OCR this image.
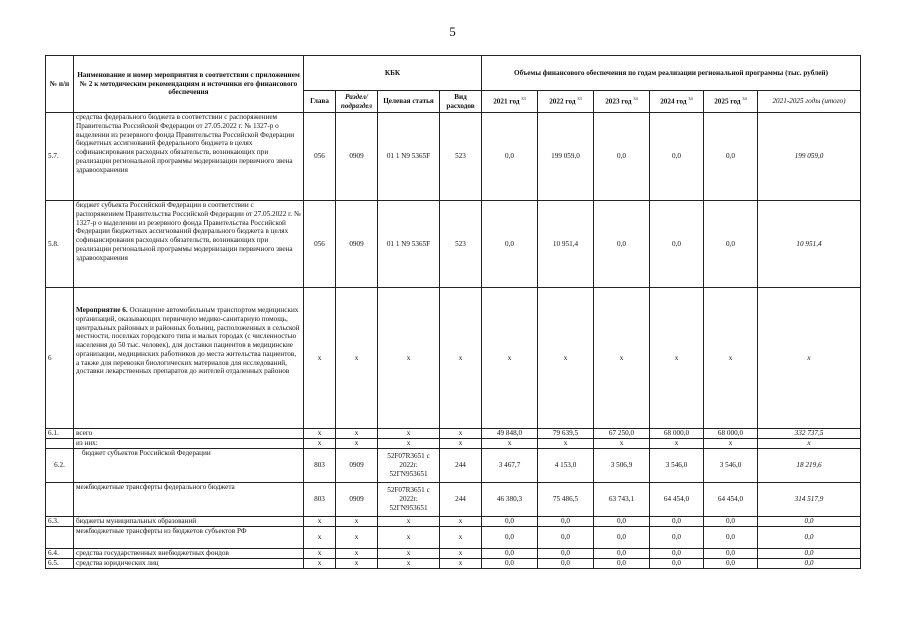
5
№ п/п	Наименование и номер мероприятия в соответствии с приложением № 2 к методическим рекомендациям и источники его финансового обеспечения	КБК				Объемы финансового обеспечения по годам реализации региональной программы (тыс. рублей)					
		Глава	Раздел/ подраздел	Целевая статья	Вид расходов	2021 год $^{33}$	2022 год $^{33}$	2023 год $^{34}$	2024 год $^{34}$	2025 год $^{34}$	2021-2025 годы (итого)
5.7.	средства федерального бюджета в соответствии с распоряжением Правительства Российской Федерации от 27.05.2022 г. № 1327-р о выделении из резервного фонда Правительства Российской Федерации бюджетных ассигнований федерального бюджета в целях софинансирования расходных обязательств, возникающих при реализации региональной программы модернизации первичного звена здравоохранения	056	0909	01 1 N9 5365F	523	0,0	199 059,0	0,0	0,0	0,0	199 059,0
5.8.	бюджет субъекта Российской Федерации в соответствии с распоряжением Правительства Российской Федерации от 27.05.2022 г. № 1327-р о выделении из резервного фонда Правительства Российской Федерации бюджетных ассигнований федерального бюджета в целях софинансирования расходных обязательств, возникающих при реализации региональной программы модернизации первичного звена здравоохранения	056	0909	01 1 N9 5365F	523	0,0	10 951,4	0,0	0,0	0,0	10 951,4
6	Мероприятие 6. Оснащение автомобильным транспортом медицинских организаций, оказывающих первичную медико-санитарную помощь, центральных районных и районных больниц, расположенных в сельской местности, поселках городского типа и малых городах (с численностью населения до 50 тыс. человек), для доставки пациентов в медицинские организации, медицинских работников до места жительства пациентов, а также для перевозки биологических материалов для исследований, доставки лекарственных препаратов до жителей отдаленных районов	x	x	x	x	x	x	x	x	x	x
6.1.	всего	x	x	x	x	49 848,0	79 639,5	67 250,0	68 000,0	68 000,0	332 737,5
	из них:	x	x	x	x	x	x	x	x	x	x
6.2.	бюджет субъектов Российской Федерации	803	0909	52F07R3651 с 2022г. 52ГN953651	244	3 467,7	4 153,0	3 506,9	3 546,0	3 546,0	18 219,6
	межбюджетные трансферты федерального бюджета	803	0909	52F07R3651 с 2022г. 52ГN953651	244	46 380,3	75 486,5	63 743,1	64 454,0	64 454,0	314 517,9
6.3.	бюджеты муниципальных образований	x	x	x	x	0,0	0,0	0,0	0,0	0,0	0,0
	межбюджетные трансферты из бюджетов субъектов РФ	x	x	x	x	0,0	0,0	0,0	0,0	0,0	0,0
6.4.	средства государственных внебюджетных фондов	x	x	x	x	0,0	0,0	0,0	0,0	0,0	0,0
6.5.	средства юридических лиц	x	x	x	x	0,0	0,0	0,0	0,0	0,0	0,0
